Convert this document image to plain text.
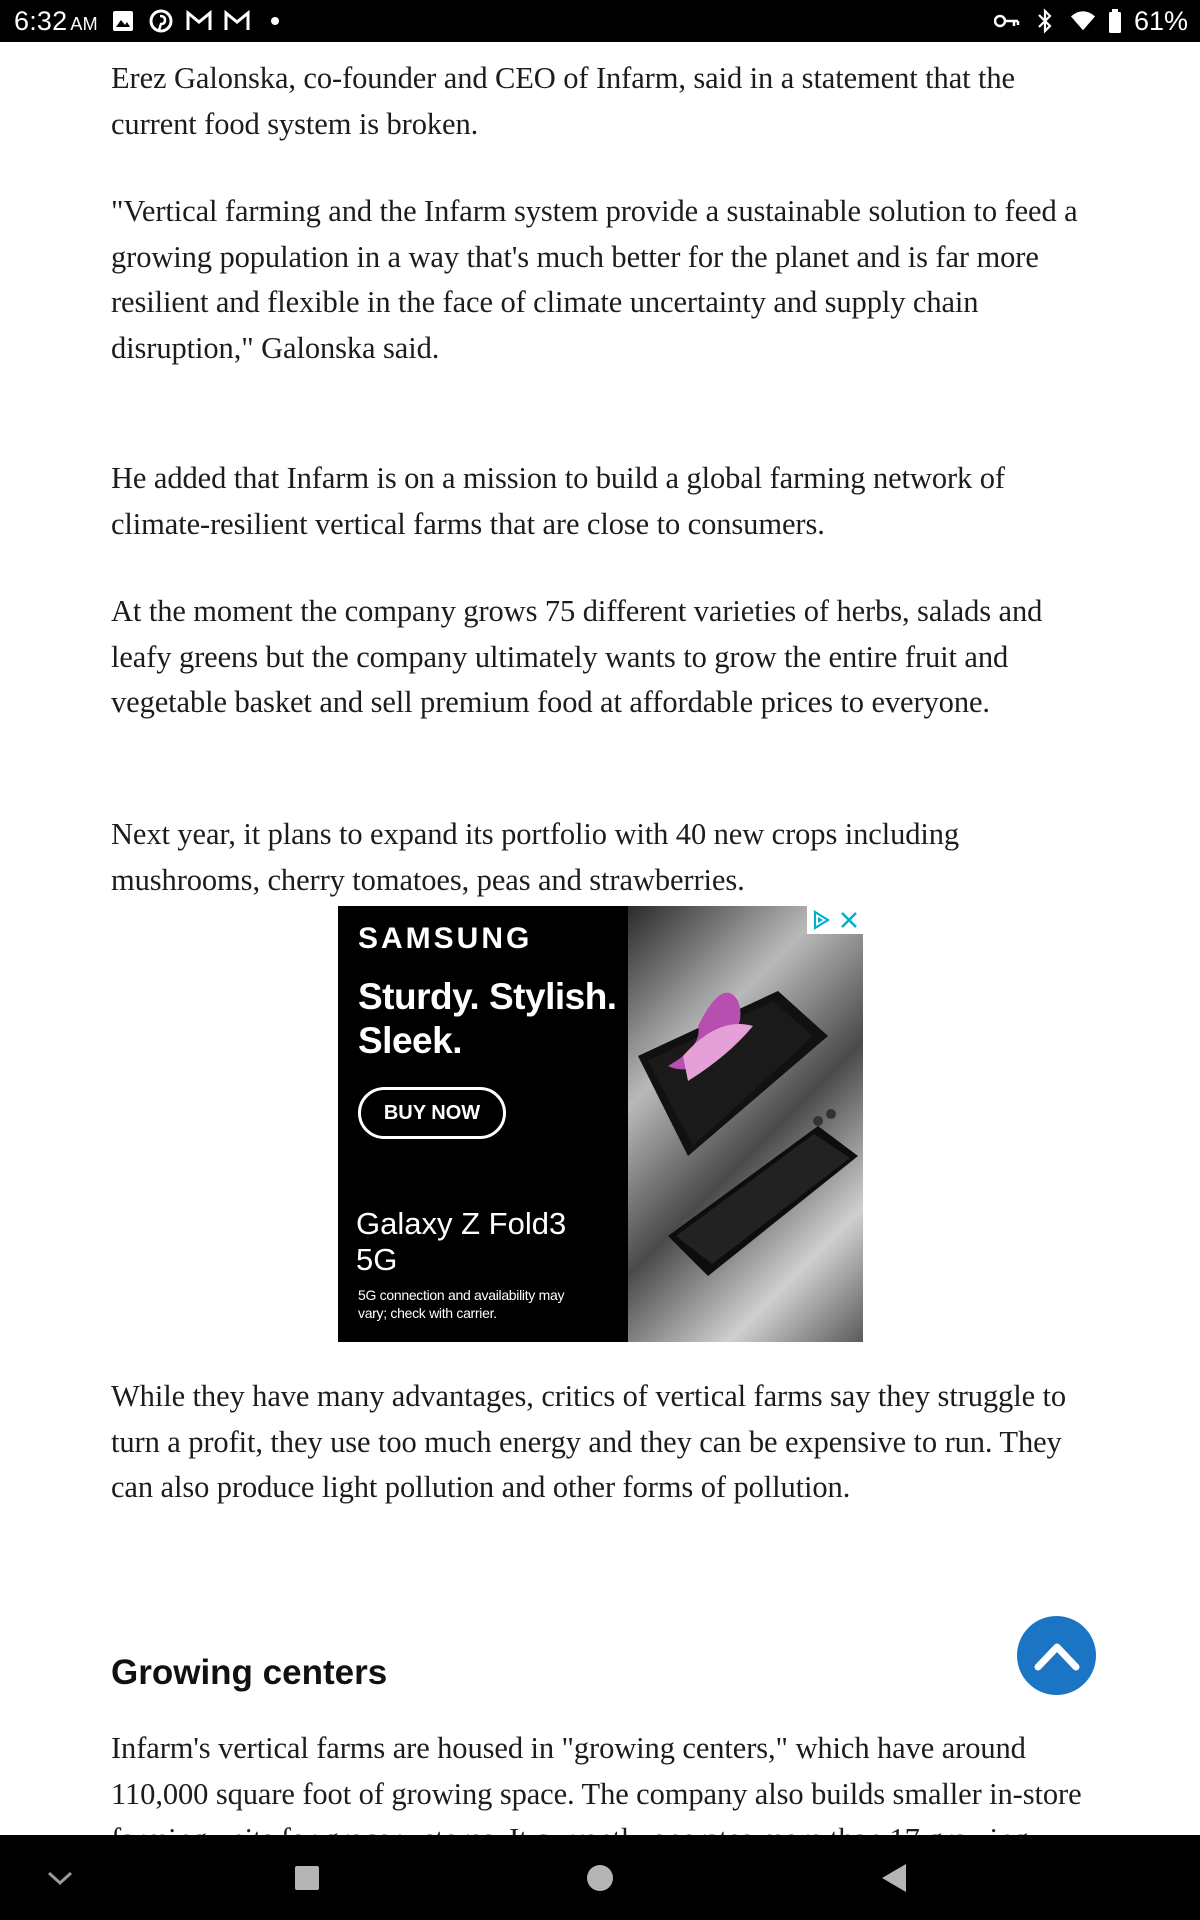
6:32 AM	61%

Erez Galonska, co-founder and CEO of Infarm, said in a statement that the current food system is broken.

"Vertical farming and the Infarm system provide a sustainable solution to feed a growing population in a way that's much better for the planet and is far more resilient and flexible in the face of climate uncertainty and supply chain disruption," Galonska said.

He added that Infarm is on a mission to build a global farming network of climate-resilient vertical farms that are close to consumers.

At the moment the company grows 75 different varieties of herbs, salads and leafy greens but the company ultimately wants to grow the entire fruit and vegetable basket and sell premium food at affordable prices to everyone.

Next year, it plans to expand its portfolio with 40 new crops including mushrooms, cherry tomatoes, peas and strawberries.

While they have many advantages, critics of vertical farms say they struggle to turn a profit, they use too much energy and they can be expensive to run. They can also produce light pollution and other forms of pollution.

Growing centers

Infarm's vertical farms are housed in "growing centers," which have around 110,000 square foot of growing space. The company also builds smaller in-store

SAMSUNG
Sturdy. Stylish. Sleek.
BUY NOW
Galaxy Z Fold3 5G
5G connection and availability may vary; check with carrier.
